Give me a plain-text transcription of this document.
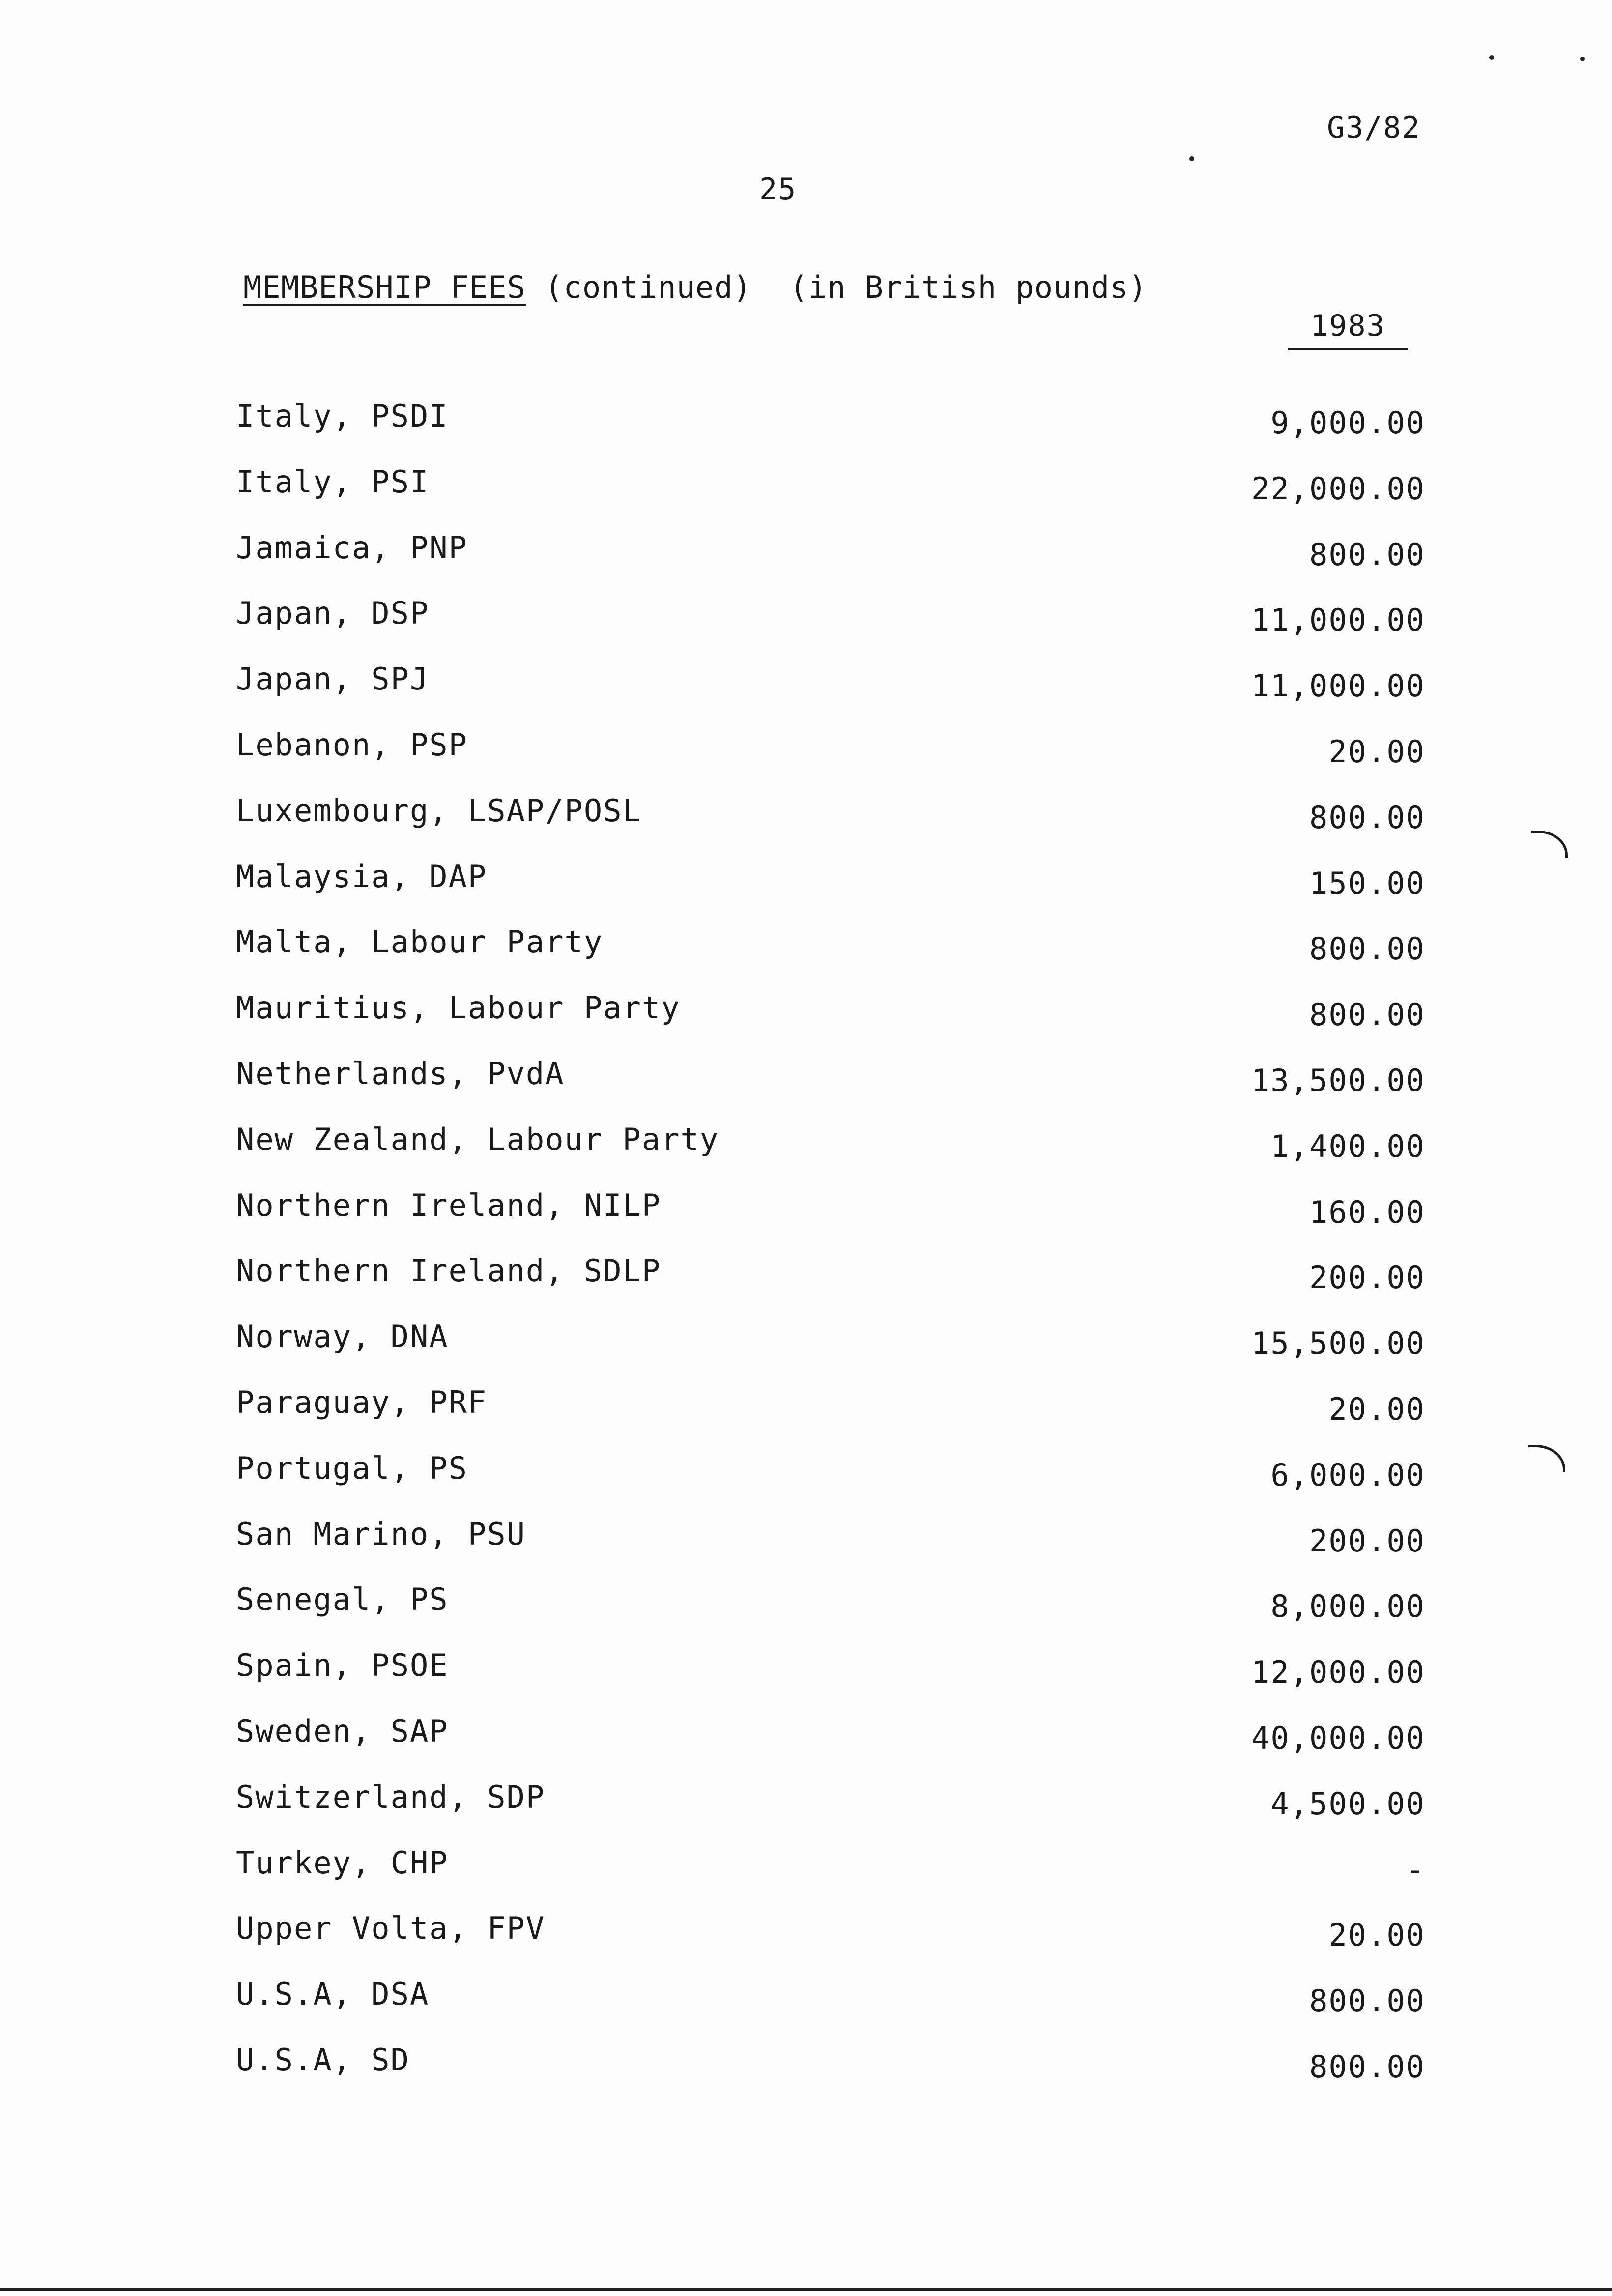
G3/82
25
MEMBERSHIP FEES (continued)  (in British pounds)
1983
Italy, PSDI	9,000.00
Italy, PSI	22,000.00
Jamaica, PNP	800.00
Japan, DSP	11,000.00
Japan, SPJ	11,000.00
Lebanon, PSP	20.00
Luxembourg, LSAP/POSL	800.00
Malaysia, DAP	150.00
Malta, Labour Party	800.00
Mauritius, Labour Party	800.00
Netherlands, PvdA	13,500.00
New Zealand, Labour Party	1,400.00
Northern Ireland, NILP	160.00
Northern Ireland, SDLP	200.00
Norway, DNA	15,500.00
Paraguay, PRF	20.00
Portugal, PS	6,000.00
San Marino, PSU	200.00
Senegal, PS	8,000.00
Spain, PSOE	12,000.00
Sweden, SAP	40,000.00
Switzerland, SDP	4,500.00
Turkey, CHP	-
Upper Volta, FPV	20.00
U.S.A, DSA	800.00
U.S.A, SD	800.00
